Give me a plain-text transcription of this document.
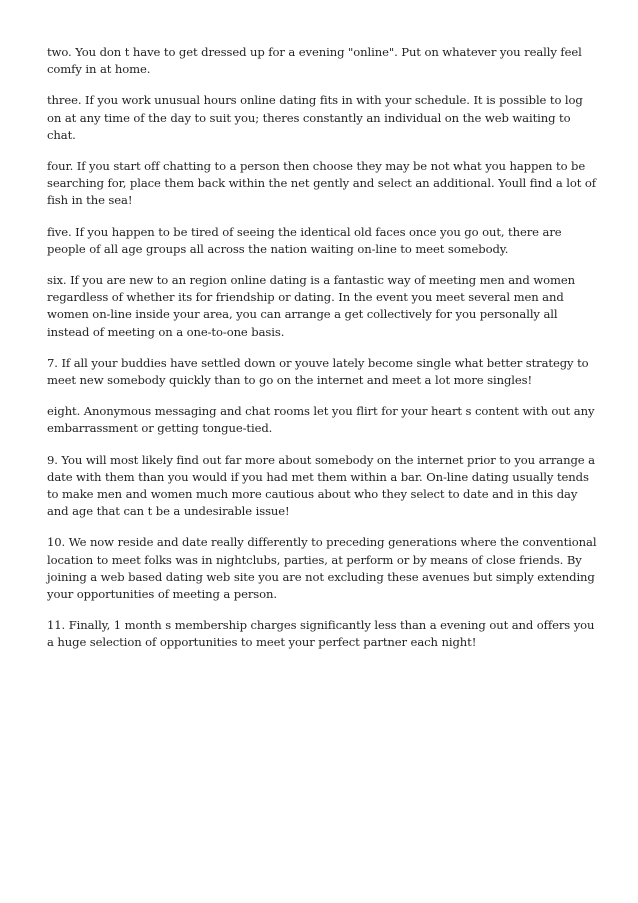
two. You don t have to get dressed up for a evening "online". Put on whatever you really feel comfy in at home.

three. If you work unusual hours online dating fits in with your schedule. It is possible to log on at any time of the day to suit you; theres constantly an individual on the web waiting to chat.

four. If you start off chatting to a person then choose they may be not what you happen to be searching for, place them back within the net gently and select an additional. Youll find a lot of fish in the sea!

five. If you happen to be tired of seeing the identical old faces once you go out, there are people of all age groups all across the nation waiting on-line to meet somebody.

six. If you are new to an region online dating is a fantastic way of meeting men and women regardless of whether its for friendship or dating. In the event you meet several men and women on-line inside your area, you can arrange a get collectively for you personally all instead of meeting on a one-to-one basis.

7. If all your buddies have settled down or youve lately become single what better strategy to meet new somebody quickly than to go on the internet and meet a lot more singles!

eight. Anonymous messaging and chat rooms let you flirt for your heart s content with out any embarrassment or getting tongue-tied.

9. You will most likely find out far more about somebody on the internet prior to you arrange a date with them than you would if you had met them within a bar. On-line dating usually tends to make men and women much more cautious about who they select to date and in this day and age that can t be a undesirable issue!

10. We now reside and date really differently to preceding generations where the conventional location to meet folks was in nightclubs, parties, at perform or by means of close friends. By joining a web based dating web site you are not excluding these avenues but simply extending your opportunities of meeting a person.

11. Finally, 1 month s membership charges significantly less than a evening out and offers you a huge selection of opportunities to meet your perfect partner each night!
